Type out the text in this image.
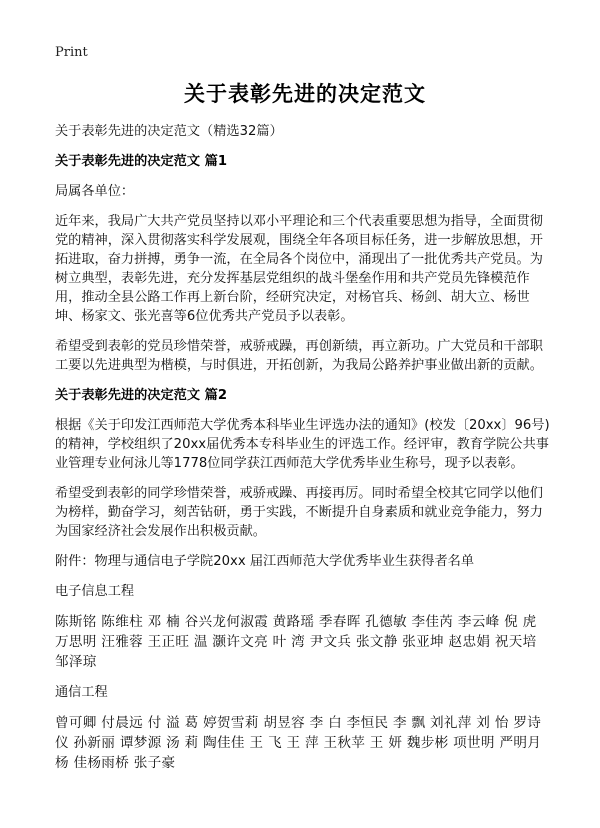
Print
关于表彰先进的决定范文
关于表彰先进的决定范文（精选32篇）
关于表彰先进的决定范文 篇1
局属各单位：
近年来，我局广大共产党员坚持以邓小平理论和三个代表重要思想为指导，全面贯彻党的精神，深入贯彻落实科学发展观，围绕全年各项目标任务，进一步解放思想，开拓进取，奋力拼搏，勇争一流，在全局各个岗位中，涌现出了一批优秀共产党员。为树立典型，表彰先进，充分发挥基层党组织的战斗堡垒作用和共产党员先锋模范作用，推动全县公路工作再上新台阶，经研究决定，对杨官兵、杨剑、胡大立、杨世坤、杨家文、张光喜等6位优秀共产党员予以表彰。
希望受到表彰的党员珍惜荣誉，戒骄戒躁，再创新绩，再立新功。广大党员和干部职工要以先进典型为楷模，与时俱进，开拓创新，为我局公路养护事业做出新的贡献。
关于表彰先进的决定范文 篇2
根据《关于印发江西师范大学优秀本科毕业生评选办法的通知》(校发〔20xx〕96号)的精神，学校组织了20xx届优秀本专科毕业生的评选工作。经评审，教育学院公共事业管理专业何泳儿等1778位同学获江西师范大学优秀毕业生称号，现予以表彰。
希望受到表彰的同学珍惜荣誉，戒骄戒躁、再接再厉。同时希望全校其它同学以他们为榜样，勤奋学习，刻苦钻研，勇于实践，不断提升自身素质和就业竞争能力，努力为国家经济社会发展作出积极贡献。
附件：物理与通信电子学院20xx 届江西师范大学优秀毕业生获得者名单
电子信息工程
陈斯铭 陈维柱 邓 楠 谷兴龙何淑霞 黄路瑶 季春晖 孔德敏 李佳芮 李云峰 倪 虎 万思明 汪雅蓉 王正旺 温 灏许文亮 叶 湾 尹文兵 张文静 张亚坤 赵忠娟 祝天培 邹泽琼
通信工程
曾可卿 付晨远 付 溢 葛 婷贺雪莉 胡昱容 李 白 李恒民 李 飘 刘礼萍 刘 怡 罗诗仪 孙新丽 谭梦源 汤 莉 陶佳佳 王 飞 王 萍 王秋苹 王 妍 魏步彬 项世明 严明月 杨 佳杨雨桥 张子豪
